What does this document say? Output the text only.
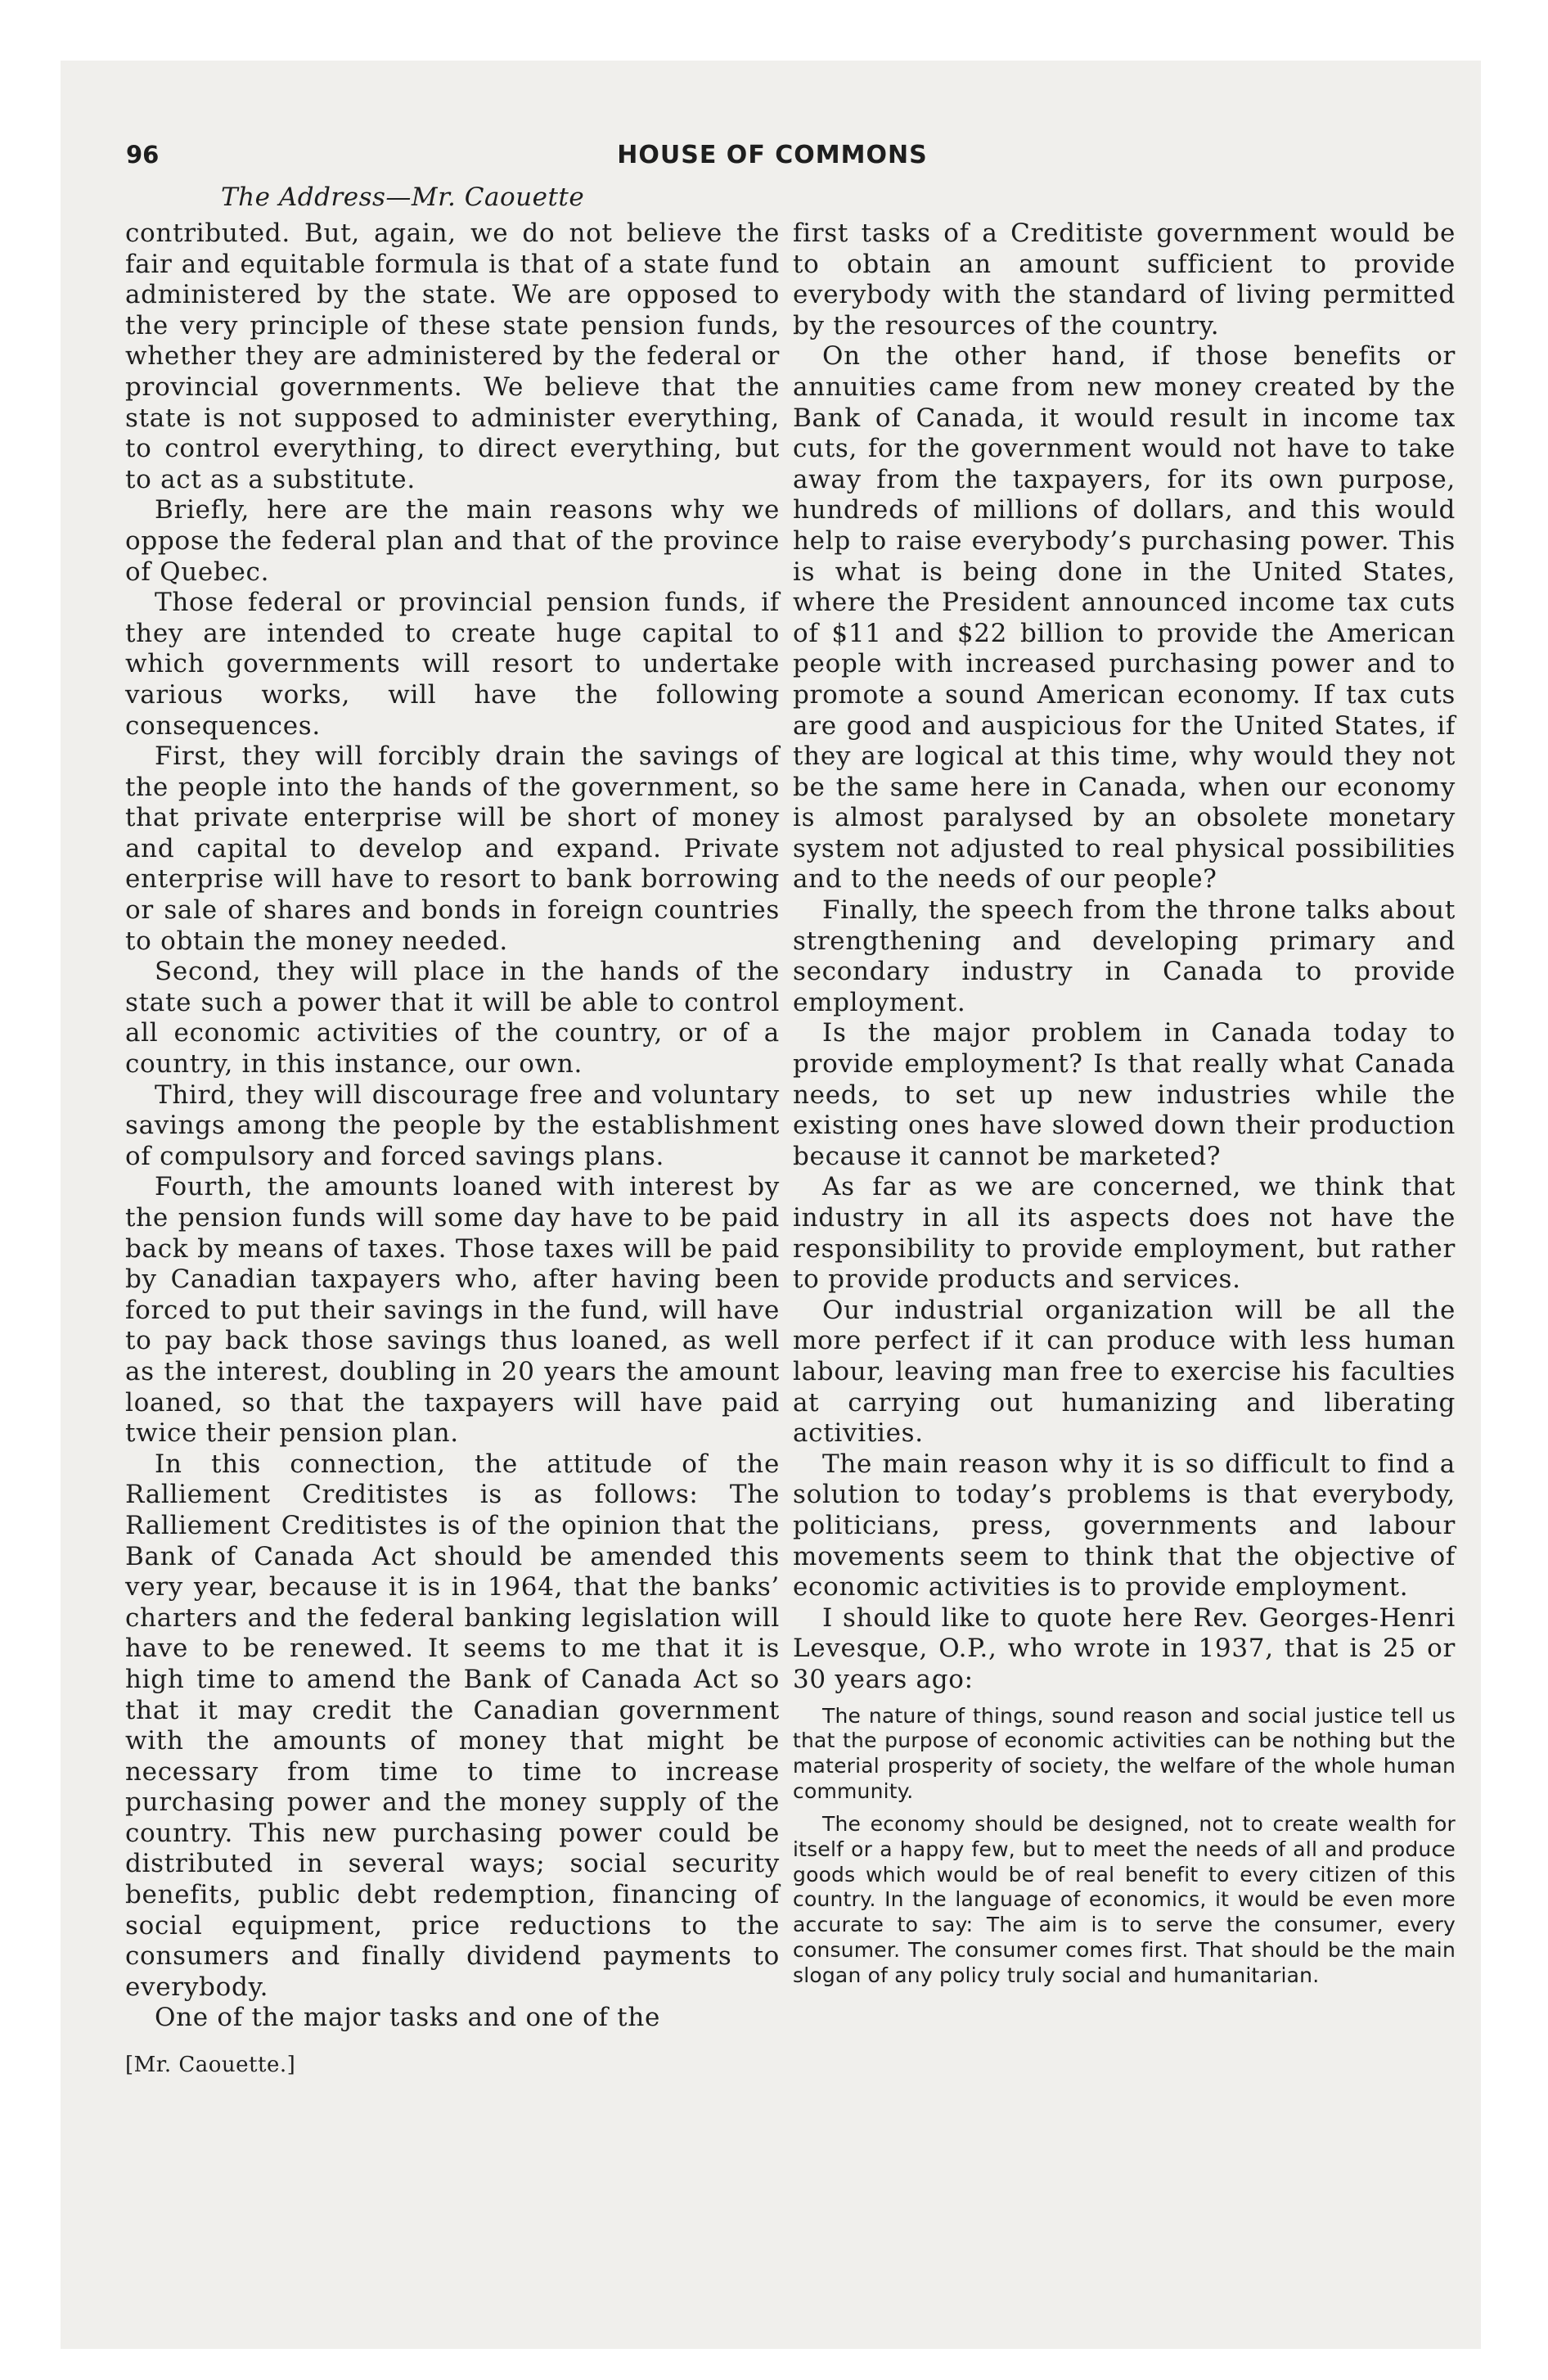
96	HOUSE OF COMMONS
The Address—Mr. Caouette

contributed. But, again, we do not believe the fair and equitable formula is that of a state fund administered by the state. We are opposed to the very principle of these state pension funds, whether they are administered by the federal or provincial governments. We believe that the state is not supposed to administer everything, to control everything, to direct everything, but to act as a substitute.

Briefly, here are the main reasons why we oppose the federal plan and that of the province of Quebec.

Those federal or provincial pension funds, if they are intended to create huge capital to which governments will resort to undertake various works, will have the following consequences.

First, they will forcibly drain the savings of the people into the hands of the government, so that private enterprise will be short of money and capital to develop and expand. Private enterprise will have to resort to bank borrowing or sale of shares and bonds in foreign countries to obtain the money needed.

Second, they will place in the hands of the state such a power that it will be able to control all economic activities of the country, or of a country, in this instance, our own.

Third, they will discourage free and voluntary savings among the people by the establishment of compulsory and forced savings plans.

Fourth, the amounts loaned with interest by the pension funds will some day have to be paid back by means of taxes. Those taxes will be paid by Canadian taxpayers who, after having been forced to put their savings in the fund, will have to pay back those savings thus loaned, as well as the interest, doubling in 20 years the amount loaned, so that the taxpayers will have paid twice their pension plan.

In this connection, the attitude of the Ralliement Creditistes is as follows: The Ralliement Creditistes is of the opinion that the Bank of Canada Act should be amended this very year, because it is in 1964, that the banks’ charters and the federal banking legislation will have to be renewed. It seems to me that it is high time to amend the Bank of Canada Act so that it may credit the Canadian government with the amounts of money that might be necessary from time to time to increase purchasing power and the money supply of the country. This new purchasing power could be distributed in several ways; social security benefits, public debt redemption, financing of social equipment, price reductions to the consumers and finally dividend payments to everybody.

One of the major tasks and one of the

[Mr. Caouette.]

first tasks of a Creditiste government would be to obtain an amount sufficient to provide everybody with the standard of living permitted by the resources of the country.

On the other hand, if those benefits or annuities came from new money created by the Bank of Canada, it would result in income tax cuts, for the government would not have to take away from the taxpayers, for its own purpose, hundreds of millions of dollars, and this would help to raise everybody’s purchasing power. This is what is being done in the United States, where the President announced income tax cuts of $11 and $22 billion to provide the American people with increased purchasing power and to promote a sound American economy. If tax cuts are good and auspicious for the United States, if they are logical at this time, why would they not be the same here in Canada, when our economy is almost paralysed by an obsolete monetary system not adjusted to real physical possibilities and to the needs of our people?

Finally, the speech from the throne talks about strengthening and developing primary and secondary industry in Canada to provide employment.

Is the major problem in Canada today to provide employment? Is that really what Canada needs, to set up new industries while the existing ones have slowed down their production because it cannot be marketed?

As far as we are concerned, we think that industry in all its aspects does not have the responsibility to provide employment, but rather to provide products and services.

Our industrial organization will be all the more perfect if it can produce with less human labour, leaving man free to exercise his faculties at carrying out humanizing and liberating activities.

The main reason why it is so difficult to find a solution to today’s problems is that everybody, politicians, press, governments and labour movements seem to think that the objective of economic activities is to provide employment.

I should like to quote here Rev. Georges-Henri Levesque, O.P., who wrote in 1937, that is 25 or 30 years ago:

The nature of things, sound reason and social justice tell us that the purpose of economic activities can be nothing but the material prosperity of society, the welfare of the whole human community.

The economy should be designed, not to create wealth for itself or a happy few, but to meet the needs of all and produce goods which would be of real benefit to every citizen of this country. In the language of economics, it would be even more accurate to say: The aim is to serve the consumer, every consumer. The consumer comes first. That should be the main slogan of any policy truly social and humanitarian.
